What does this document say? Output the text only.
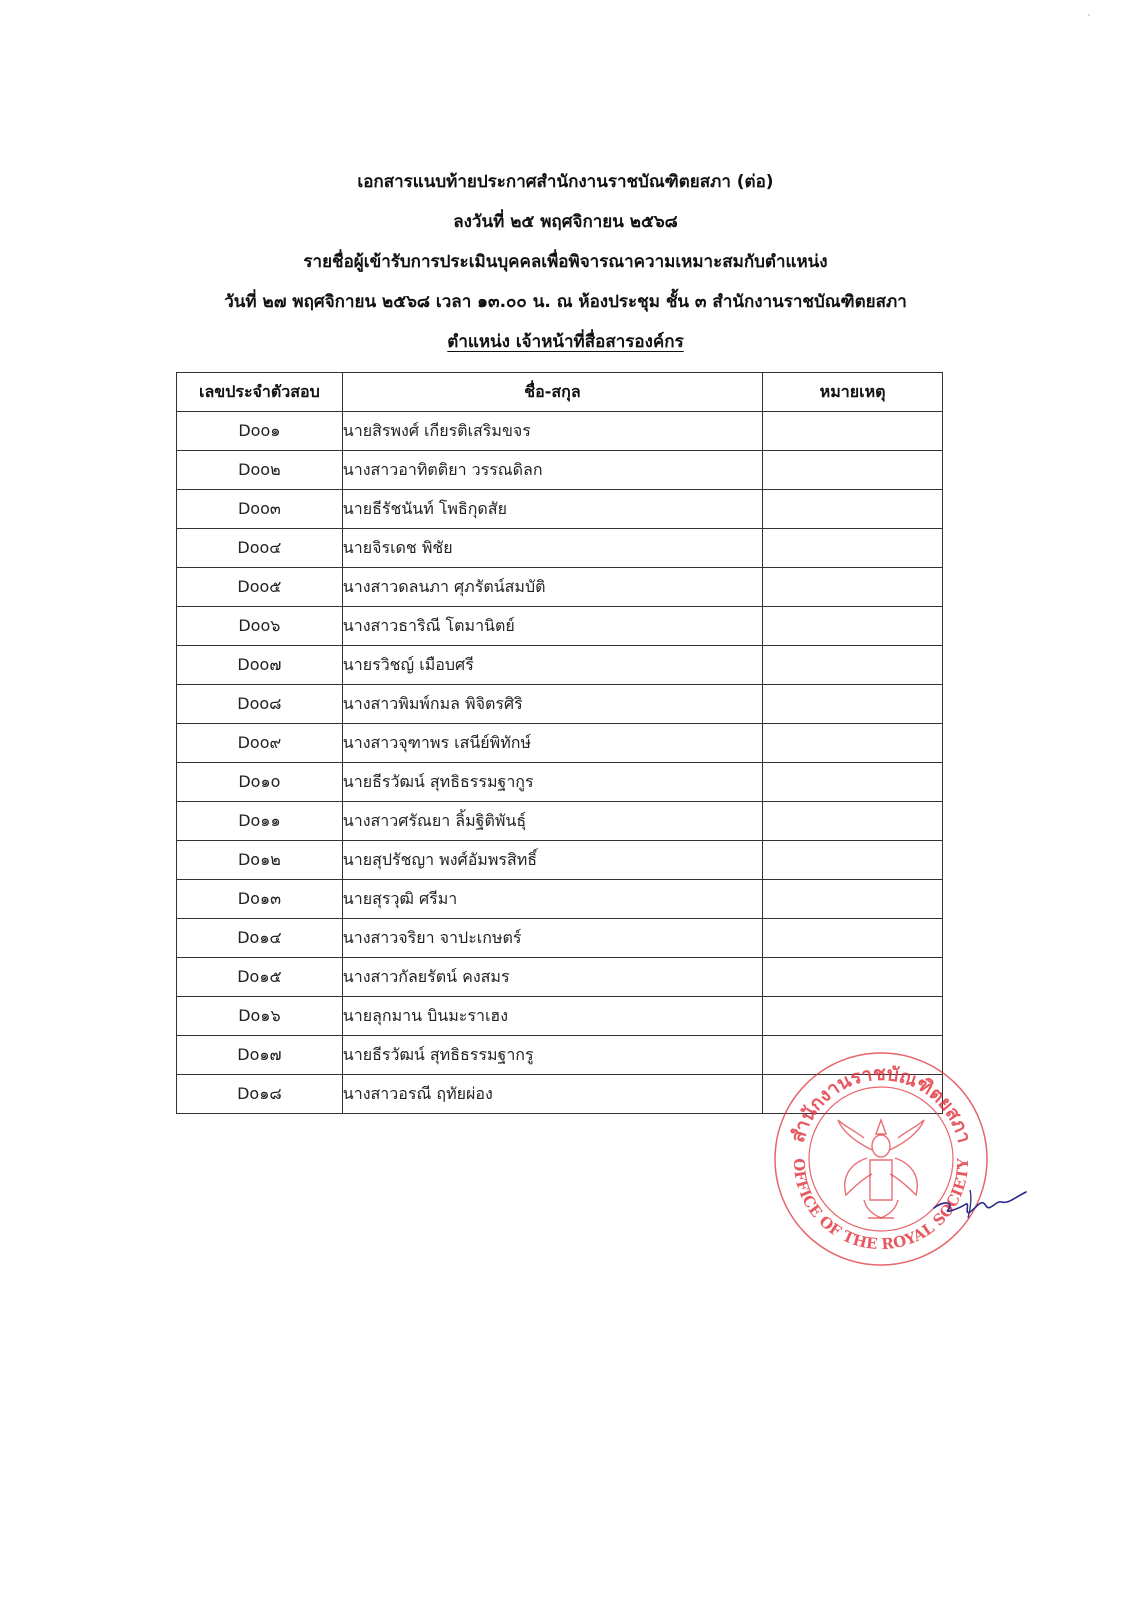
เอกสารแนบท้ายประกาศสำนักงานราชบัณฑิตยสภา (ต่อ)
ลงวันที่ ๒๕ พฤศจิกายน ๒๕๖๘
รายชื่อผู้เข้ารับการประเมินบุคคลเพื่อพิจารณาความเหมาะสมกับตำแหน่ง
วันที่ ๒๗ พฤศจิกายน ๒๕๖๘ เวลา ๑๓.๐๐ น. ณ ห้องประชุม ชั้น ๓ สำนักงานราชบัณฑิตยสภา
ตำแหน่ง เจ้าหน้าที่สื่อสารองค์กร
เลขประจำตัวสอบ	ชื่อ-สกุล	หมายเหตุ
Doo๑	นายสิรพงศ์ เกียรติเสริมขจร	
Doo๒	นางสาวอาทิตติยา วรรณดิลก	
Doo๓	นายธีรัชนันท์ โพธิกุดสัย	
Doo๔	นายจิรเดช พิชัย	
Doo๕	นางสาวดลนภา ศุภรัตน์สมบัติ	
Doo๖	นางสาวธาริณี โตมานิตย์	
Doo๗	นายรวิชญ์ เมือบศรี	
Doo๘	นางสาวพิมพ์กมล พิจิตรศิริ	
Doo๙	นางสาวจุฑาพร เสนีย์พิทักษ์	
Do๑o	นายธีรวัฒน์ สุทธิธรรมฐากูร	
Do๑๑	นางสาวศรัณยา ลิ้มฐิติพันธุ์	
Do๑๒	นายสุปรัชญา พงศ์อัมพรสิทธิ์	
Do๑๓	นายสุรวุฒิ ศรีมา	
Do๑๔	นางสาวจริยา จาปะเกษตร์	
Do๑๕	นางสาวกัลยรัตน์ คงสมร	
Do๑๖	นายลุกมาน บินมะราเฮง	
Do๑๗	นายธีรวัฒน์ สุทธิธรรมฐากรู	
Do๑๘	นางสาวอรณี ฤทัยผ่อง	
สำนักงานราชบัณฑิตยสภา
OFFICE OF THE ROYAL SOCIETY
